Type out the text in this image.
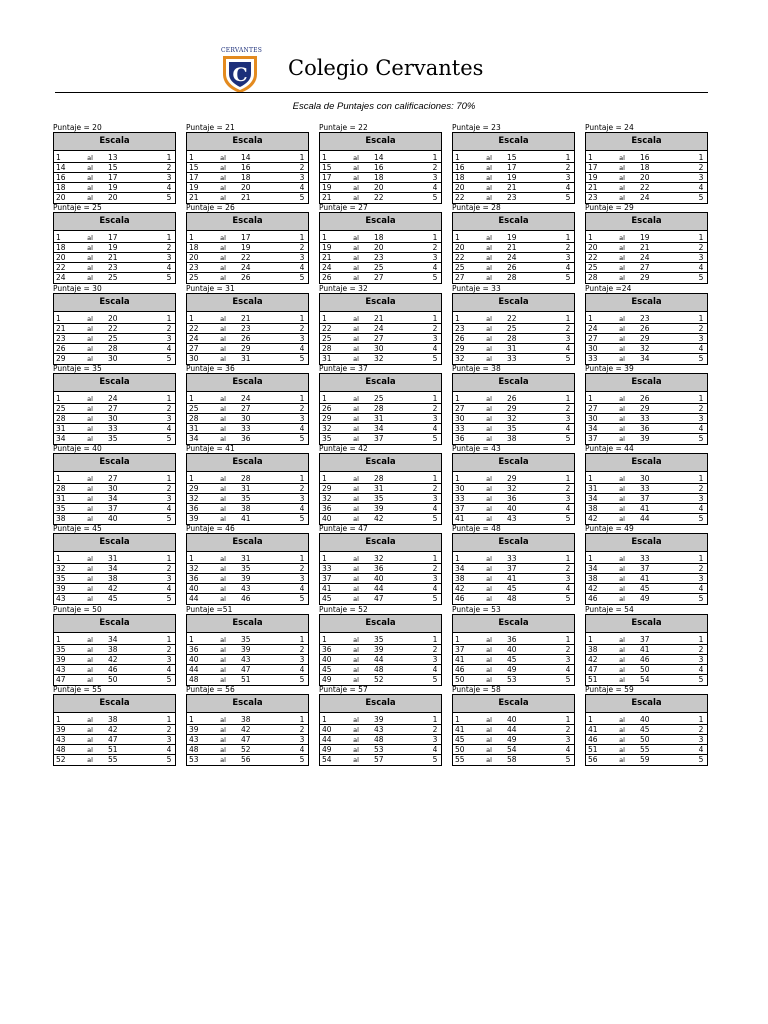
CERVANTES
C Colegio Cervantes
Escala de Puntajes con calificaciones: 70%
Puntaje = 20
Escala
1	al	13	1
14	al	15	2
16	al	17	3
18	al	19	4
20	al	20	5
Puntaje = 21
Escala
1	al	14	1
15	al	16	2
17	al	18	3
19	al	20	4
21	al	21	5
Puntaje = 22
Escala
1	al	14	1
15	al	16	2
17	al	18	3
19	al	20	4
21	al	22	5
Puntaje = 23
Escala
1	al	15	1
16	al	17	2
18	al	19	3
20	al	21	4
22	al	23	5
Puntaje = 24
Escala
1	al	16	1
17	al	18	2
19	al	20	3
21	al	22	4
23	al	24	5
Puntaje = 25
Escala
1	al	17	1
18	al	19	2
20	al	21	3
22	al	23	4
24	al	25	5
Puntaje = 26
Escala
1	al	17	1
18	al	19	2
20	al	22	3
23	al	24	4
25	al	26	5
Puntaje = 27
Escala
1	al	18	1
19	al	20	2
21	al	23	3
24	al	25	4
26	al	27	5
Puntaje = 28
Escala
1	al	19	1
20	al	21	2
22	al	24	3
25	al	26	4
27	al	28	5
Puntaje = 29
Escala
1	al	19	1
20	al	21	2
22	al	24	3
25	al	27	4
28	al	29	5
Puntaje = 30
Escala
1	al	20	1
21	al	22	2
23	al	25	3
26	al	28	4
29	al	30	5
Puntaje = 31
Escala
1	al	21	1
22	al	23	2
24	al	26	3
27	al	29	4
30	al	31	5
Puntaje = 32
Escala
1	al	21	1
22	al	24	2
25	al	27	3
28	al	30	4
31	al	32	5
Puntaje = 33
Escala
1	al	22	1
23	al	25	2
26	al	28	3
29	al	31	4
32	al	33	5
Puntaje =24
Escala
1	al	23	1
24	al	26	2
27	al	29	3
30	al	32	4
33	al	34	5
Puntaje = 35
Escala
1	al	24	1
25	al	27	2
28	al	30	3
31	al	33	4
34	al	35	5
Puntaje = 36
Escala
1	al	24	1
25	al	27	2
28	al	30	3
31	al	33	4
34	al	36	5
Puntaje = 37
Escala
1	al	25	1
26	al	28	2
29	al	31	3
32	al	34	4
35	al	37	5
Puntaje = 38
Escala
1	al	26	1
27	al	29	2
30	al	32	3
33	al	35	4
36	al	38	5
Puntaje = 39
Escala
1	al	26	1
27	al	29	2
30	al	33	3
34	al	36	4
37	al	39	5
Puntaje = 40
Escala
1	al	27	1
28	al	30	2
31	al	34	3
35	al	37	4
38	al	40	5
Puntaje = 41
Escala
1	al	28	1
29	al	31	2
32	al	35	3
36	al	38	4
39	al	41	5
Puntaje = 42
Escala
1	al	28	1
29	al	31	2
32	al	35	3
36	al	39	4
40	al	42	5
Puntaje = 43
Escala
1	al	29	1
30	al	32	2
33	al	36	3
37	al	40	4
41	al	43	5
Puntaje = 44
Escala
1	al	30	1
31	al	33	2
34	al	37	3
38	al	41	4
42	al	44	5
Puntaje = 45
Escala
1	al	31	1
32	al	34	2
35	al	38	3
39	al	42	4
43	al	45	5
Puntaje = 46
Escala
1	al	31	1
32	al	35	2
36	al	39	3
40	al	43	4
44	al	46	5
Puntaje = 47
Escala
1	al	32	1
33	al	36	2
37	al	40	3
41	al	44	4
45	al	47	5
Puntaje = 48
Escala
1	al	33	1
34	al	37	2
38	al	41	3
42	al	45	4
46	al	48	5
Puntaje = 49
Escala
1	al	33	1
34	al	37	2
38	al	41	3
42	al	45	4
46	al	49	5
Puntaje = 50
Escala
1	al	34	1
35	al	38	2
39	al	42	3
43	al	46	4
47	al	50	5
Puntaje =51
Escala
1	al	35	1
36	al	39	2
40	al	43	3
44	al	47	4
48	al	51	5
Puntaje = 52
Escala
1	al	35	1
36	al	39	2
40	al	44	3
45	al	48	4
49	al	52	5
Puntaje = 53
Escala
1	al	36	1
37	al	40	2
41	al	45	3
46	al	49	4
50	al	53	5
Puntaje = 54
Escala
1	al	37	1
38	al	41	2
42	al	46	3
47	al	50	4
51	al	54	5
Puntaje = 55
Escala
1	al	38	1
39	al	42	2
43	al	47	3
48	al	51	4
52	al	55	5
Puntaje = 56
Escala
1	al	38	1
39	al	42	2
43	al	47	3
48	al	52	4
53	al	56	5
Puntaje = 57
Escala
1	al	39	1
40	al	43	2
44	al	48	3
49	al	53	4
54	al	57	5
Puntaje = 58
Escala
1	al	40	1
41	al	44	2
45	al	49	3
50	al	54	4
55	al	58	5
Puntaje = 59
Escala
1	al	40	1
41	al	45	2
46	al	50	3
51	al	55	4
56	al	59	5
